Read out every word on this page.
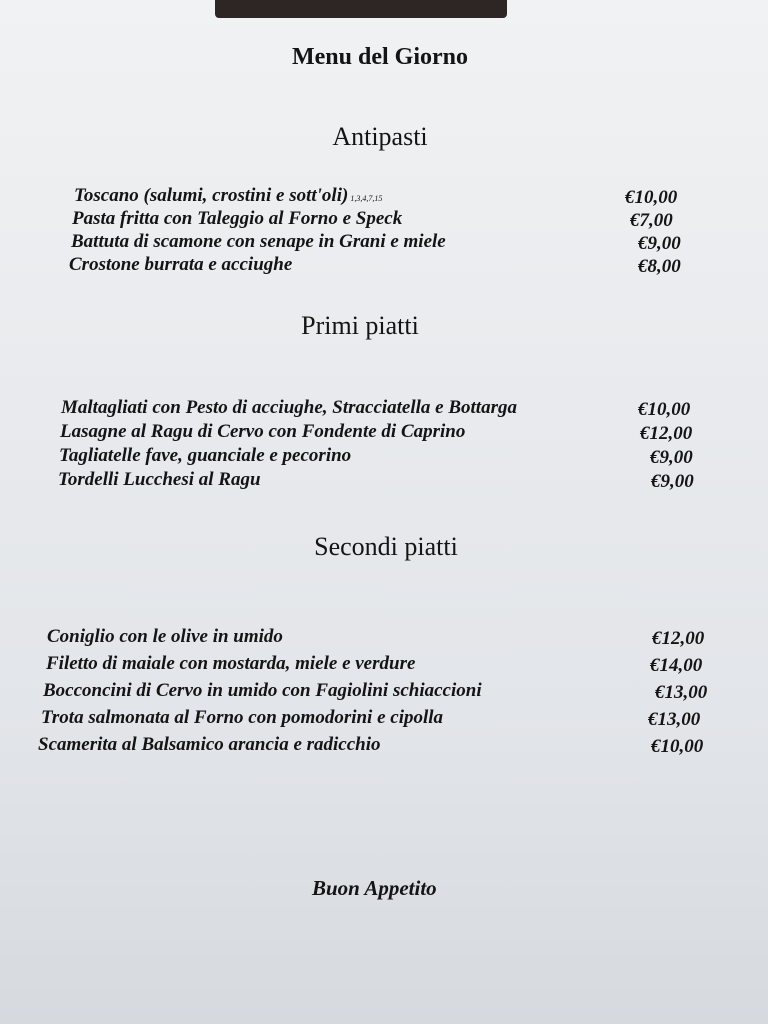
Menu del Giorno
Antipasti
Toscano (salumi, crostini e sott'oli) 1,3,4,7,15	€10,00
Pasta fritta con Taleggio al Forno e Speck	€7,00
Battuta di scamone con senape in Grani e miele	€9,00
Crostone burrata e acciughe	€8,00
Primi piatti
Maltagliati con Pesto di acciughe, Stracciatella e Bottarga	€10,00
Lasagne al Ragu di Cervo con Fondente di Caprino	€12,00
Tagliatelle fave, guanciale e pecorino	€9,00
Tordelli Lucchesi al Ragu	€9,00
Secondi piatti
Coniglio con le olive in umido	€12,00
Filetto di maiale con mostarda, miele e verdure	€14,00
Bocconcini di Cervo in umido con Fagiolini schiaccioni	€13,00
Trota salmonata al Forno con pomodorini e cipolla	€13,00
Scamerita al Balsamico arancia e radicchio	€10,00
Buon Appetito
